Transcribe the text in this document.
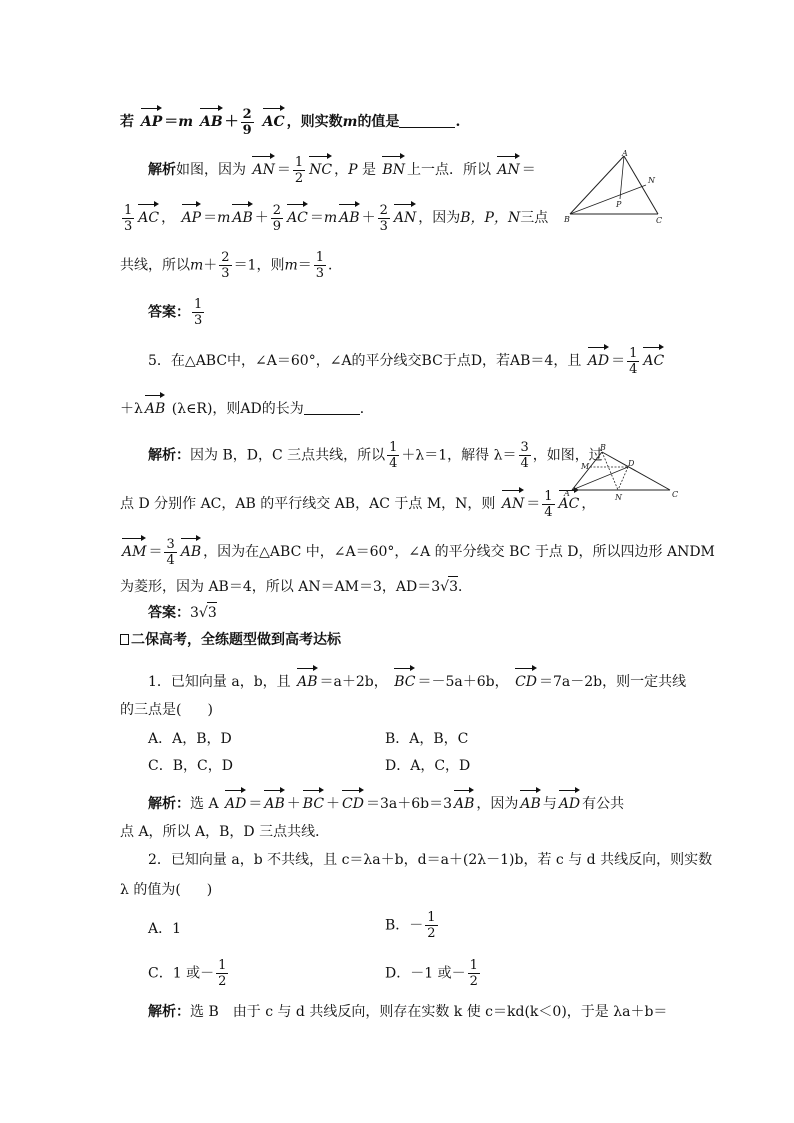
若 AP ＝m AB ＋ $\frac{2}{9}$ AC ，则实数m的值是	.
解析如图，因为 AN ＝ $\frac{1}{2}$ NC ，P 是 BN 上一点．所以 AN ＝
$\frac{1}{3}$ AC ， AP ＝m AB ＋ $\frac{2}{9}$ AC ＝m AB ＋ $\frac{2}{3}$ AN ，因为B，P，N三点
共线，所以$m+ \frac{2}{3} =1$，则$m= \frac{1}{3}$ ．
答案： $\frac{1}{3}$
A
B	C
N
P
5．在△ABC中，∠A＝60°，∠A的平分线交BC于点D，若AB＝4，且 AD ＝ $\frac{1}{4}$ AC
＋λ AB (λ∈R)，则AD的长为	．
解析：因为 B，D，C 三点共线，所以 $\frac{1}{4} +\lambda=1$，解得 $\lambda= \frac{3}{4}$ ，如图，过
点 D 分别作 AC，AB 的平行线交 AB，AC 于点 M，N，则 AN ＝ $\frac{1}{4}$ AC ，
AM ＝ $\frac{3}{4}$ AB ，因为在△ABC 中，∠A＝60°，∠A 的平分线交 BC 于点 D，所以四边形 ANDM
为菱形，因为 AB＝4，所以 AN＝AM＝3，AD＝3√3．
答案：3√3
B
A	C
D
M
N
二保高考，全练题型做到高考达标
1．已知向量 a，b，且 AB ＝a＋2b， BC ＝－5a＋6b， CD ＝7a－2b，则一定共线
的三点是( )
A．A，B，D	B．A，B，C
C．B，C，D	D．A，C，D
解析：选 A AD ＝ AB ＋ BC ＋ CD ＝3a＋6b＝3 AB ，因为 AB 与 AD 有公共
点 A，所以 A，B，D 三点共线．
2．已知向量 a，b 不共线，且 c＝λa＋b，d＝a＋(2λ－1)b，若 c 与 d 共线反向，则实数
λ 的值为( )
A．1	B．－ $\frac{1}{2}$
C．1 或－ $\frac{1}{2}$	D．－1 或－ $\frac{1}{2}$
解析：选 B　由于 c 与 d 共线反向，则存在实数 k 使 c＝kd(k＜0)，于是 λa＋b＝
